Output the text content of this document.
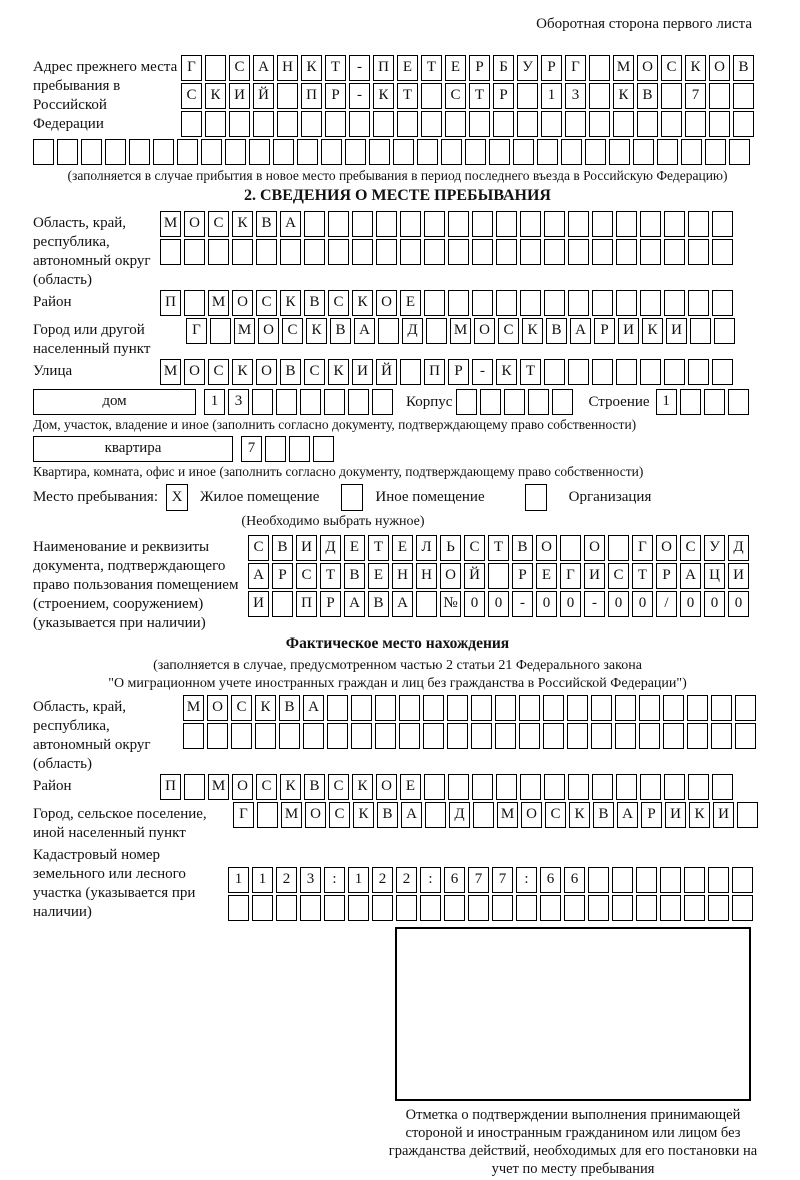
Оборотная сторона первого листа
Адрес прежнего места пребывания в Российской Федерации
Г	С А Н К Т	-	П Е Т Е	Р	Б У Р	Г	М О С К О В
С К И Й	П Р	-	К Т	С Т	Р	1	3	К В	7
(заполняется в случае прибытия в новое место пребывания в период последнего въезда в Российскую Федерацию)
2. СВЕДЕНИЯ О МЕСТЕ ПРЕБЫВАНИЯ
Область, край, республика, автономный округ (область)
М О С К В А
Район	П	М О С К В С К О Е
Город или другой населенный пункт
Г	М О С К В А	Д	М О С К В А Р И К И
Улица	М О С К О В С К И Й	П Р	-	К Т
дом	1	3	Корпус	Строение 1
Дом, участок, владение и иное (заполнить согласно документу, подтверждающему право собственности)
квартира	7
Квартира, комната, офис и иное (заполнить согласно документу, подтверждающему право собственности)
Место пребывания: X	Жилое помещение	Иное помещение	Организация
(Необходимо выбрать нужное)
Наименование и реквизиты документа, подтверждающего право пользования помещением (строением, сооружением) (указывается при наличии)
С В И Д Е Т Е Л Ь С Т В О	О	Г О С У Д
А Р С Т В Е Н Н О Й	Р	Е	Г И С Т	Р А Ц И
И	П Р А В А	№ 0	0	-	0	0	-	0	0	/	0	0	0
Фактическое место нахождения
(заполняется в случае, предусмотренном частью 2 статьи 21 Федерального закона
"О миграционном учете иностранных граждан и лиц без гражданства в Российской Федерации")
Область, край, республика, автономный округ (область)
М О С К В А
Район	П	М О С К В С К О Е
Город, сельское поселение, иной населенный пункт
Г	М О С К В А	Д	М О С К В А Р И К И
Кадастровый номер земельного или лесного участка (указывается при наличии)
1	1	2	3	:	1	2	2	:	6	7	7	:	6	6
Отметка о подтверждении выполнения принимающей стороной и иностранным гражданином или лицом без гражданства действий, необходимых для его постановки на учет по месту пребывания
